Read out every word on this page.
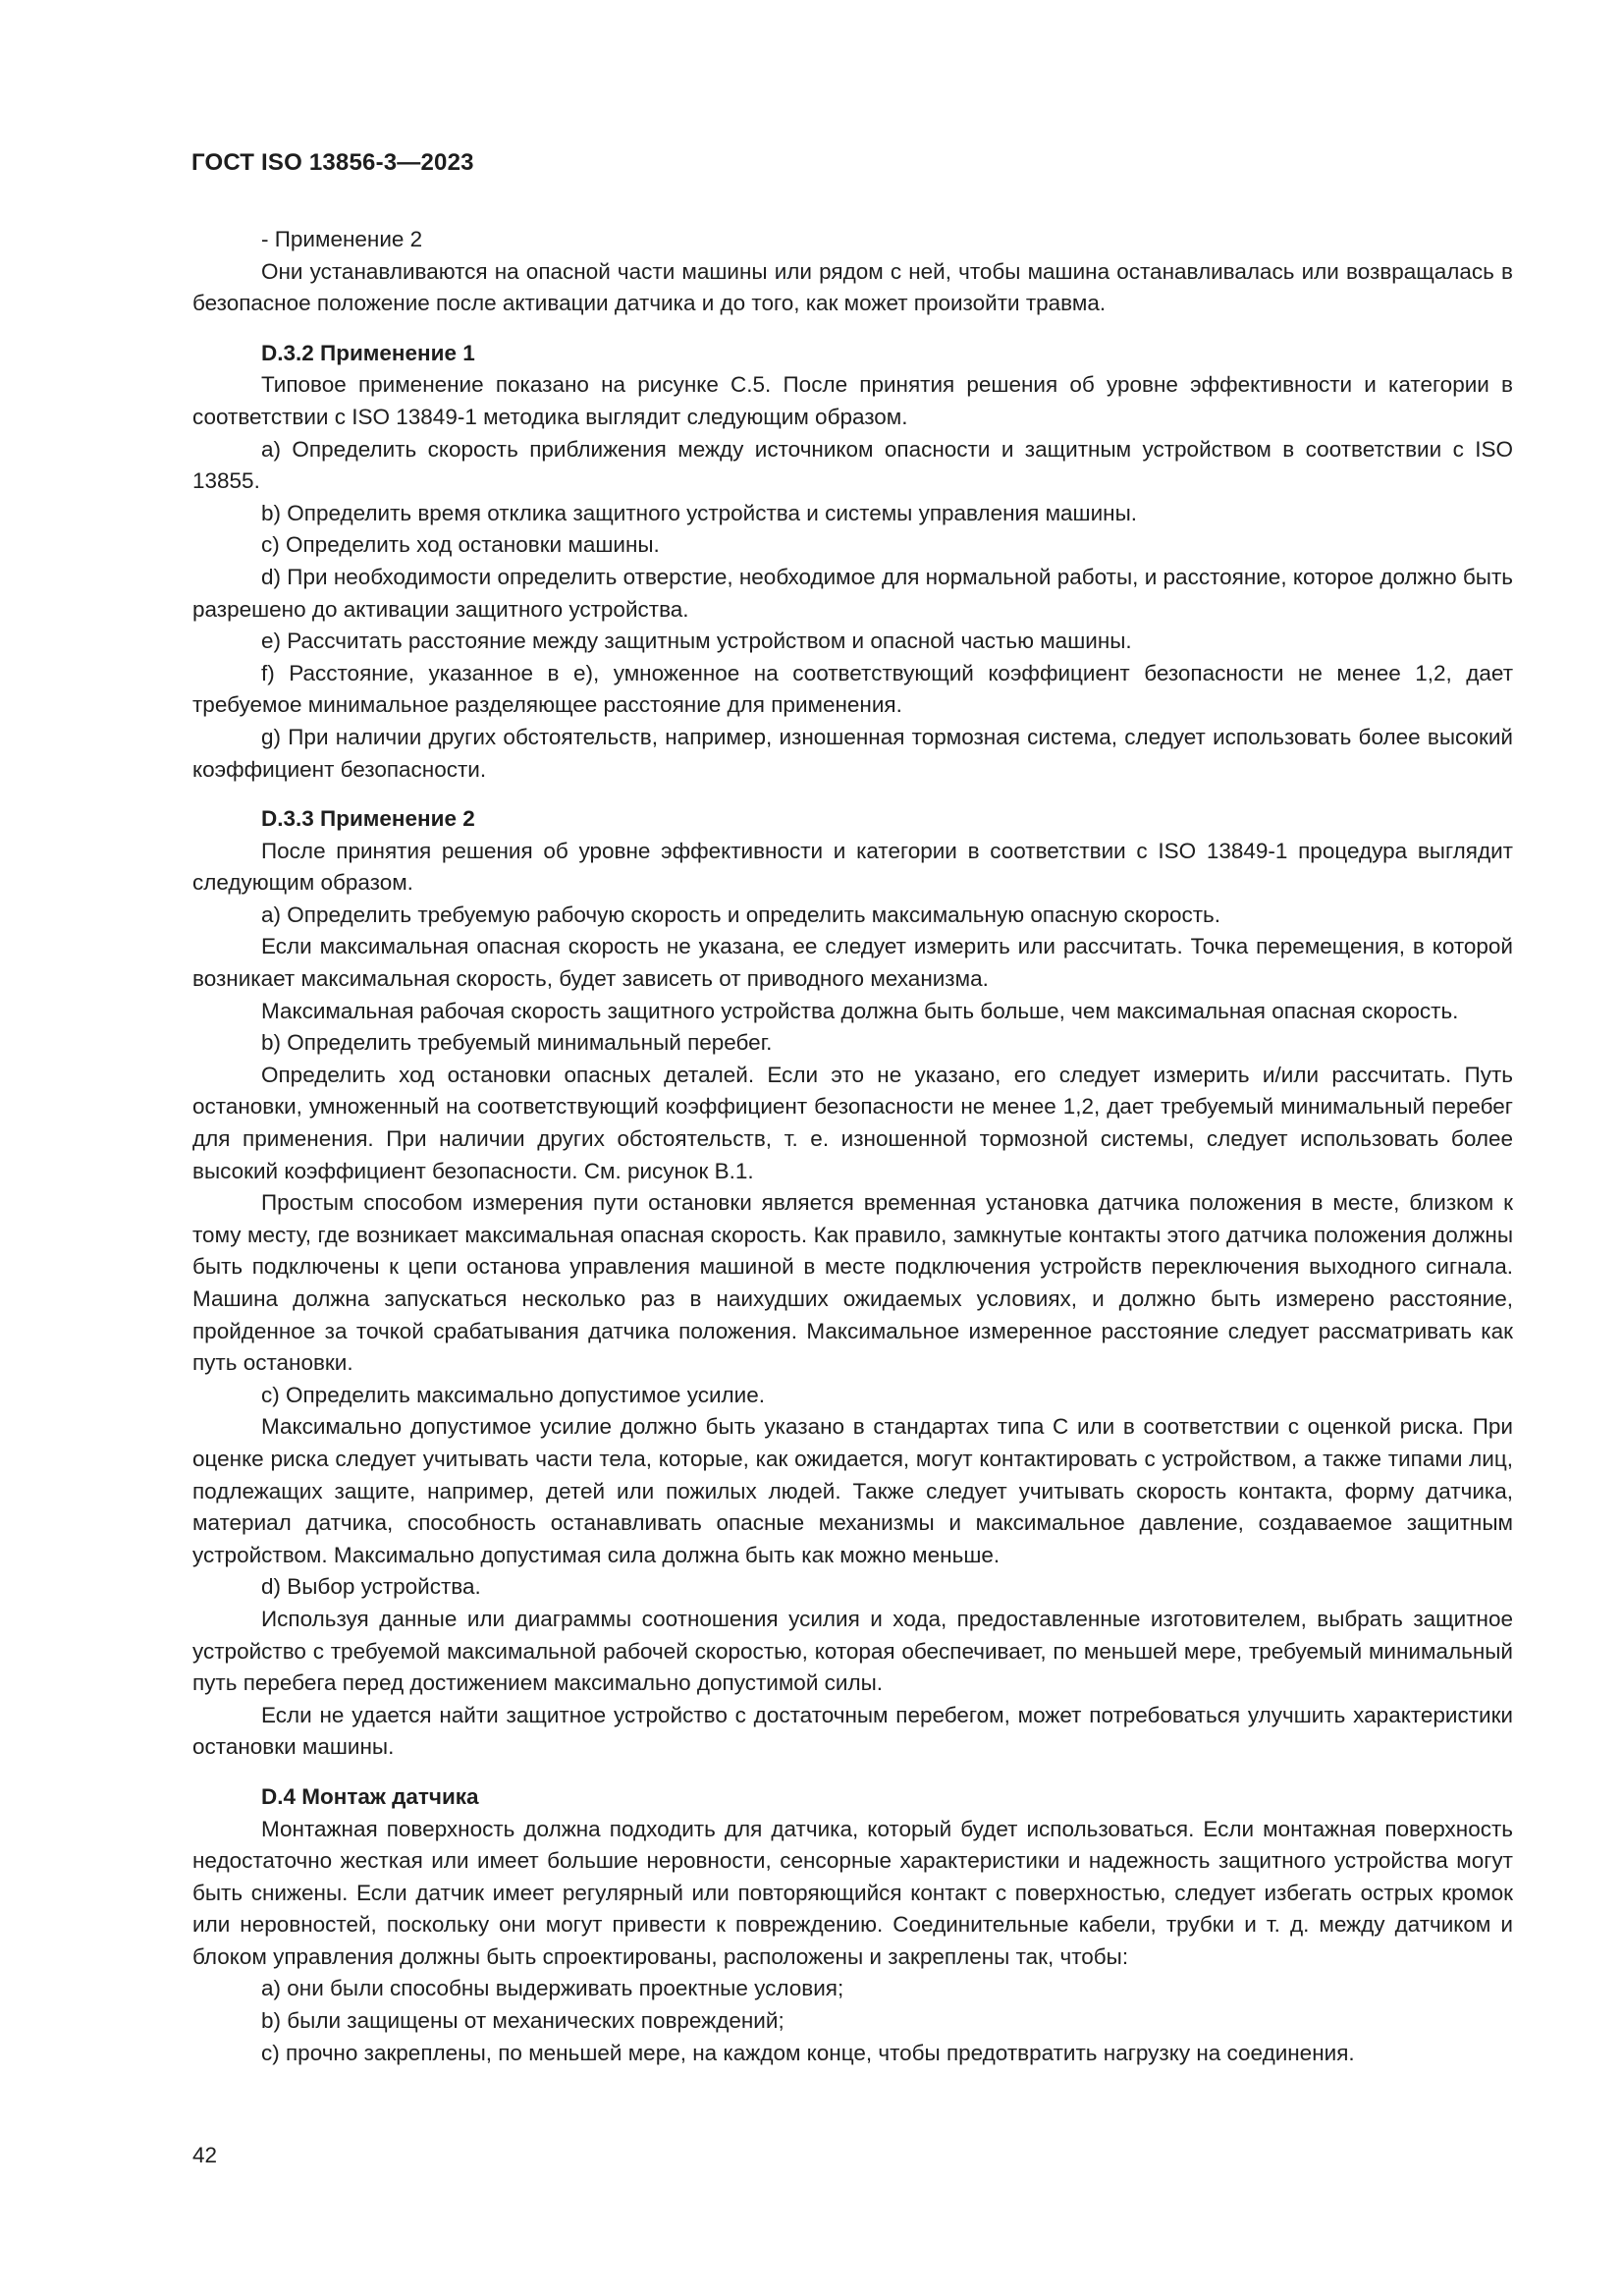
ГОСТ ISO 13856-3—2023

- Применение 2

Они устанавливаются на опасной части машины или рядом с ней, чтобы машина останавливалась или возвращалась в безопасное положение после активации датчика и до того, как может произойти травма.

D.3.2 Применение 1

Типовое применение показано на рисунке С.5. После принятия решения об уровне эффективности и категории в соответствии с ISO 13849-1 методика выглядит следующим образом.

a) Определить скорость приближения между источником опасности и защитным устройством в соответствии с ISO 13855.

b) Определить время отклика защитного устройства и системы управления машины.

c) Определить ход остановки машины.

d) При необходимости определить отверстие, необходимое для нормальной работы, и расстояние, которое должно быть разрешено до активации защитного устройства.

e) Рассчитать расстояние между защитным устройством и опасной частью машины.

f) Расстояние, указанное в e), умноженное на соответствующий коэффициент безопасности не менее 1,2, дает требуемое минимальное разделяющее расстояние для применения.

g) При наличии других обстоятельств, например, изношенная тормозная система, следует использовать более высокий коэффициент безопасности.

D.3.3 Применение 2

После принятия решения об уровне эффективности и категории в соответствии с ISO 13849-1 процедура выглядит следующим образом.

a) Определить требуемую рабочую скорость и определить максимальную опасную скорость.

Если максимальная опасная скорость не указана, ее следует измерить или рассчитать. Точка перемещения, в которой возникает максимальная скорость, будет зависеть от приводного механизма.

Максимальная рабочая скорость защитного устройства должна быть больше, чем максимальная опасная скорость.

b) Определить требуемый минимальный перебег.

Определить ход остановки опасных деталей. Если это не указано, его следует измерить и/или рассчитать. Путь остановки, умноженный на соответствующий коэффициент безопасности не менее 1,2, дает требуемый минимальный перебег для применения. При наличии других обстоятельств, т. е. изношенной тормозной системы, следует использовать более высокий коэффициент безопасности. См. рисунок В.1.

Простым способом измерения пути остановки является временная установка датчика положения в месте, близком к тому месту, где возникает максимальная опасная скорость. Как правило, замкнутые контакты этого датчика положения должны быть подключены к цепи останова управления машиной в месте подключения устройств переключения выходного сигнала. Машина должна запускаться несколько раз в наихудших ожидаемых условиях, и должно быть измерено расстояние, пройденное за точкой срабатывания датчика положения. Максимальное измеренное расстояние следует рассматривать как путь остановки.

c) Определить максимально допустимое усилие.

Максимально допустимое усилие должно быть указано в стандартах типа С или в соответствии с оценкой риска. При оценке риска следует учитывать части тела, которые, как ожидается, могут контактировать с устройством, а также типами лиц, подлежащих защите, например, детей или пожилых людей. Также следует учитывать скорость контакта, форму датчика, материал датчика, способность останавливать опасные механизмы и максимальное давление, создаваемое защитным устройством. Максимально допустимая сила должна быть как можно меньше.

d) Выбор устройства.

Используя данные или диаграммы соотношения усилия и хода, предоставленные изготовителем, выбрать защитное устройство с требуемой максимальной рабочей скоростью, которая обеспечивает, по меньшей мере, требуемый минимальный путь перебега перед достижением максимально допустимой силы.

Если не удается найти защитное устройство с достаточным перебегом, может потребоваться улучшить характеристики остановки машины.

D.4 Монтаж датчика

Монтажная поверхность должна подходить для датчика, который будет использоваться. Если монтажная поверхность недостаточно жесткая или имеет большие неровности, сенсорные характеристики и надежность защитного устройства могут быть снижены. Если датчик имеет регулярный или повторяющийся контакт с поверхностью, следует избегать острых кромок или неровностей, поскольку они могут привести к повреждению. Соединительные кабели, трубки и т. д. между датчиком и блоком управления должны быть спроектированы, расположены и закреплены так, чтобы:

a) они были способны выдерживать проектные условия;

b) были защищены от механических повреждений;

c) прочно закреплены, по меньшей мере, на каждом конце, чтобы предотвратить нагрузку на соединения.

42
